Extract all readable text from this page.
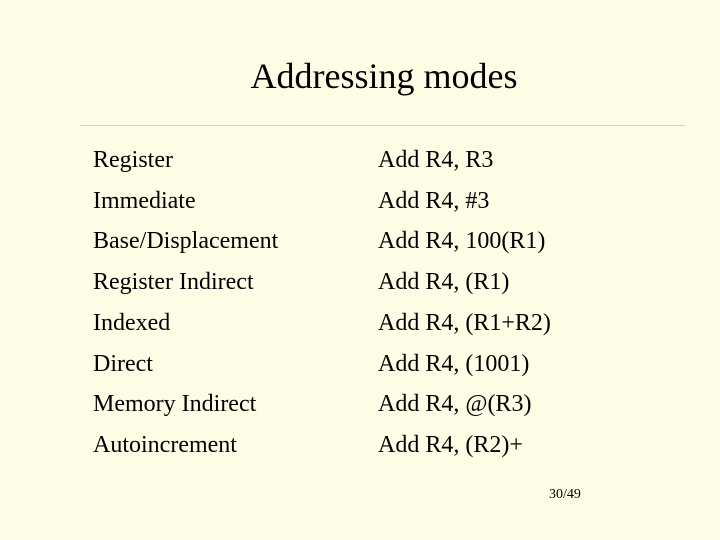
Addressing modes
Register
Immediate
Base/Displacement
Register Indirect
Indexed
Direct
Memory Indirect
Autoincrement
Add R4, R3
Add R4, #3
Add R4, 100(R1)
Add R4, (R1)
Add R4, (R1+R2)
Add R4, (1001)
Add R4, @(R3)
Add R4, (R2)+
30/49
